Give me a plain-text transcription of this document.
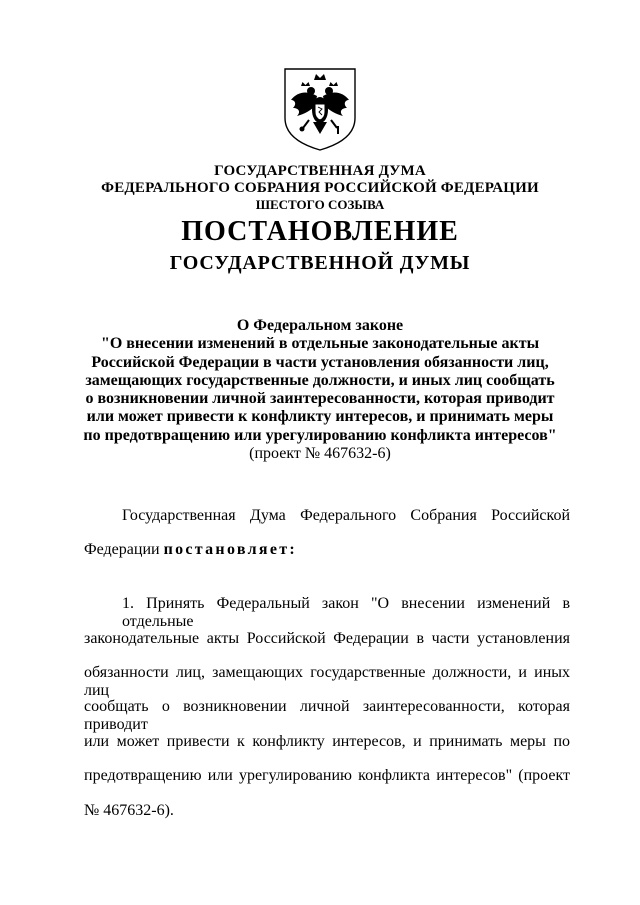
ГОСУДАРСТВЕННАЯ ДУМА

ФЕДЕРАЛЬНОГО СОБРАНИЯ РОССИЙСКОЙ ФЕДЕРАЦИИ

ШЕСТОГО СОЗЫВА

ПОСТАНОВЛЕНИЕ

ГОСУДАРСТВЕННОЙ ДУМЫ

О Федеральном законе
"О внесении изменений в отдельные законодательные акты
Российской Федерации в части установления обязанности лиц,
замещающих государственные должности, и иных лиц сообщать
о возникновении личной заинтересованности, которая приводит
или может привести к конфликту интересов, и принимать меры
по предотвращению или урегулированию конфликта интересов"
(проект № 467632-6)
Государственная Дума Федерального Собрания Российской
Федерации постановляет:
1. Принять Федеральный закон "О внесении изменений в отдельные
законодательные акты Российской Федерации в части установления
обязанности лиц, замещающих государственные должности, и иных лиц
сообщать о возникновении личной заинтересованности, которая приводит
или может привести к конфликту интересов, и принимать меры по
предотвращению или урегулированию конфликта интересов" (проект
№ 467632-6).
